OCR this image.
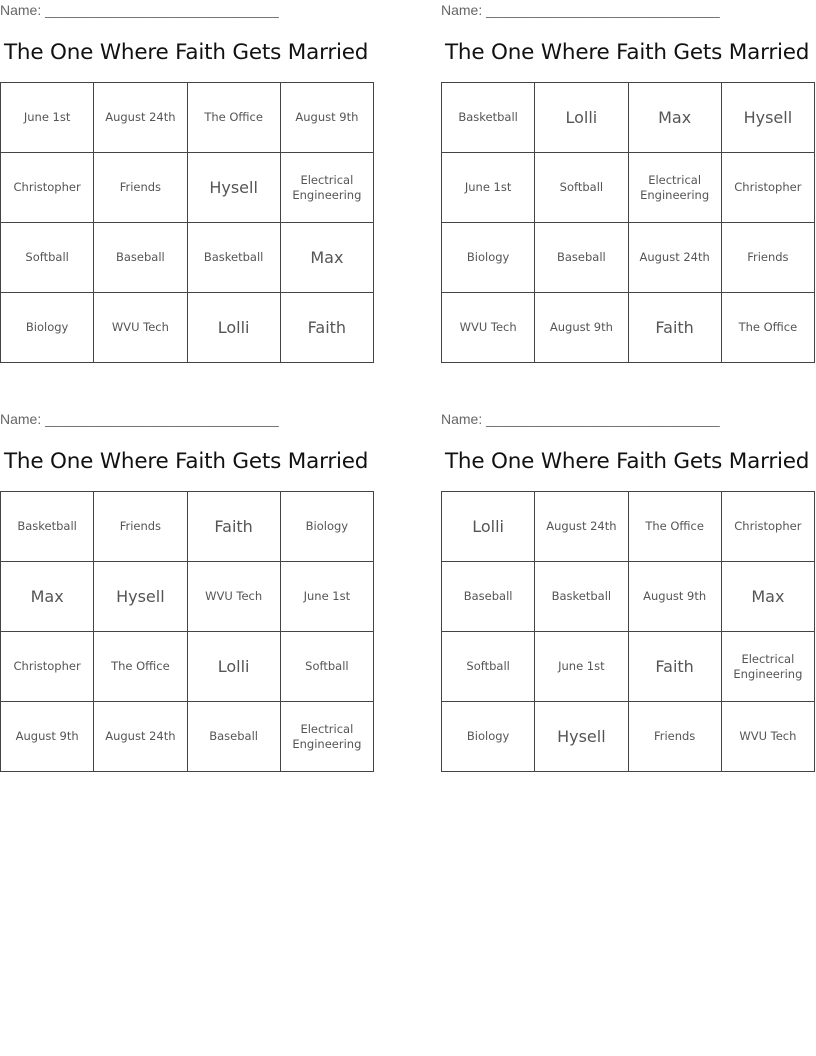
Name: ______________________________
The One Where Faith Gets Married
June 1st	August 24th	The Office	August 9th
Christopher	Friends	Hysell	Electrical Engineering
Softball	Baseball	Basketball	Max
Biology	WVU Tech	Lolli	Faith
Name: ______________________________
The One Where Faith Gets Married
Basketball	Lolli	Max	Hysell
June 1st	Softball	Electrical Engineering	Christopher
Biology	Baseball	August 24th	Friends
WVU Tech	August 9th	Faith	The Office
Name: ______________________________
The One Where Faith Gets Married
Basketball	Friends	Faith	Biology
Max	Hysell	WVU Tech	June 1st
Christopher	The Office	Lolli	Softball
August 9th	August 24th	Baseball	Electrical Engineering
Name: ______________________________
The One Where Faith Gets Married
Lolli	August 24th	The Office	Christopher
Baseball	Basketball	August 9th	Max
Softball	June 1st	Faith	Electrical Engineering
Biology	Hysell	Friends	WVU Tech
